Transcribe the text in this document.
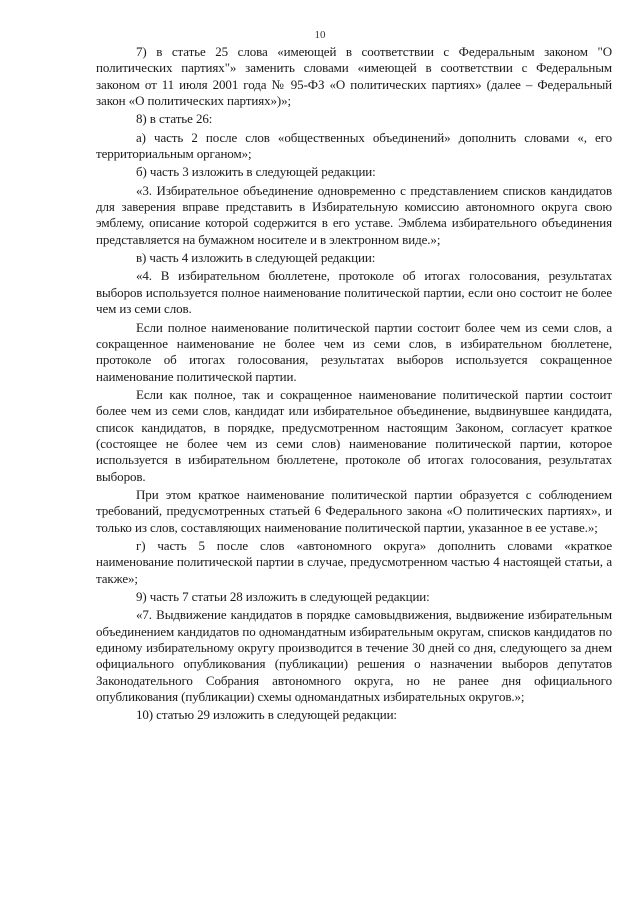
10

7) в статье 25 слова «имеющей в соответствии с Федеральным законом "О политических партиях"» заменить словами «имеющей в соответствии с Федеральным законом от 11 июля 2001 года № 95-ФЗ «О политических партиях» (далее – Федеральный закон «О политических партиях»)»;

8) в статье 26:

а) часть 2 после слов «общественных объединений» дополнить словами «, его территориальным органом»;

б) часть 3 изложить в следующей редакции:

«3. Избирательное объединение одновременно с представлением списков кандидатов для заверения вправе представить в Избирательную комиссию автономного округа свою эмблему, описание которой содержится в его уставе. Эмблема избирательного объединения представляется на бумажном носителе и в электронном виде.»;

в) часть 4 изложить в следующей редакции:

«4. В избирательном бюллетене, протоколе об итогах голосования, результатах выборов используется полное наименование политической партии, если оно состоит не более чем из семи слов.

Если полное наименование политической партии состоит более чем из семи слов, а сокращенное наименование не более чем из семи слов, в избирательном бюллетене, протоколе об итогах голосования, результатах выборов используется сокращенное наименование политической партии.

Если как полное, так и сокращенное наименование политической партии состоит более чем из семи слов, кандидат или избирательное объединение, выдвинувшее кандидата, список кандидатов, в порядке, предусмотренном настоящим Законом, согласует краткое (состоящее не более чем из семи слов) наименование политической партии, которое используется в избирательном бюллетене, протоколе об итогах голосования, результатах выборов.

При этом краткое наименование политической партии образуется с соблюдением требований, предусмотренных статьей 6 Федерального закона «О политических партиях», и только из слов, составляющих наименование политической партии, указанное в ее уставе.»;

г) часть 5 после слов «автономного округа» дополнить словами «краткое наименование политической партии в случае, предусмотренном частью 4 настоящей статьи, а также»;

9) часть 7 статьи 28 изложить в следующей редакции:

«7. Выдвижение кандидатов в порядке самовыдвижения, выдвижение избирательным объединением кандидатов по одномандатным избирательным округам, списков кандидатов по единому избирательному округу производится в течение 30 дней со дня, следующего за днем официального опубликования (публикации) решения о назначении выборов депутатов Законодательного Собрания автономного округа, но не ранее дня официального опубликования (публикации) схемы одномандатных избирательных округов.»;

10) статью 29 изложить в следующей редакции:
